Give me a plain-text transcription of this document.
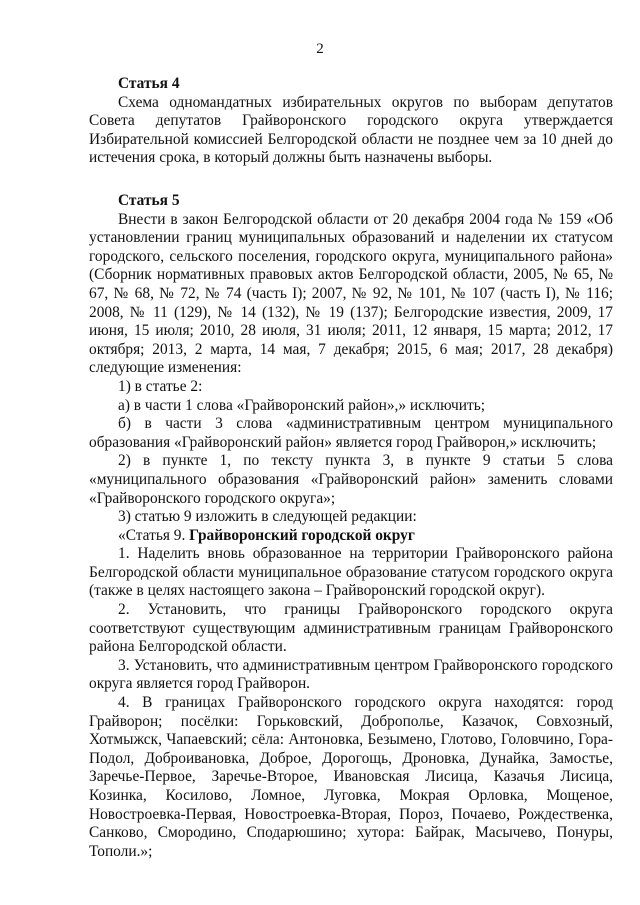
2
Статья 4

Схема одномандатных избирательных округов по выборам депутатов Совета депутатов Грайворонского городского округа утверждается Избирательной комиссией Белгородской области не позднее чем за 10 дней до истечения срока, в который должны быть назначены выборы.

Статья 5

Внести в закон Белгородской области от 20 декабря 2004 года № 159 «Об установлении границ муниципальных образований и наделении их статусом городского, сельского поселения, городского округа, муниципального района» (Сборник нормативных правовых актов Белгородской области, 2005, № 65, № 67, № 68, № 72, № 74 (часть I); 2007, № 92, № 101, № 107 (часть I), № 116; 2008, № 11 (129), № 14 (132), № 19 (137); Белгородские известия, 2009, 17 июня, 15 июля; 2010, 28 июля, 31 июля; 2011, 12 января, 15 марта; 2012, 17 октября; 2013, 2 марта, 14 мая, 7 декабря; 2015, 6 мая; 2017, 28 декабря) следующие изменения:

1) в статье 2:

а) в части 1 слова «Грайворонский район»,» исключить;

б) в части 3 слова «административным центром муниципального образования «Грайворонский район» является город Грайворон,» исключить;

2) в пункте 1, по тексту пункта 3, в пункте 9 статьи 5 слова «муниципального образования «Грайворонский район» заменить словами «Грайворонского городского округа»;

3) статью 9 изложить в следующей редакции:

«Статья 9. Грайворонский городской округ

1. Наделить вновь образованное на территории Грайворонского района Белгородской области муниципальное образование статусом городского округа (также в целях настоящего закона – Грайворонский городской округ).

2. Установить, что границы Грайворонского городского округа соответствуют существующим административным границам Грайворонского района Белгородской области.

3. Установить, что административным центром Грайворонского городского округа является город Грайворон.

4. В границах Грайворонского городского округа находятся: город Грайворон; посёлки: Горьковский, Доброполье, Казачок, Совхозный, Хотмыжск, Чапаевский; сёла: Антоновка, Безымено, Глотово, Головчино, Гора-Подол, Доброивановка, Доброе, Дорогощь, Дроновка, Дунайка, Замостье, Заречье-Первое, Заречье-Второе, Ивановская Лисица, Казачья Лисица, Козинка, Косилово, Ломное, Луговка, Мокрая Орловка, Мощеное, Новостроевка-Первая, Новостроевка-Вторая, Пороз, Почаево, Рождественка, Санково, Смородино, Сподарюшино; хутора: Байрак, Масычево, Понуры, Тополи.»;
